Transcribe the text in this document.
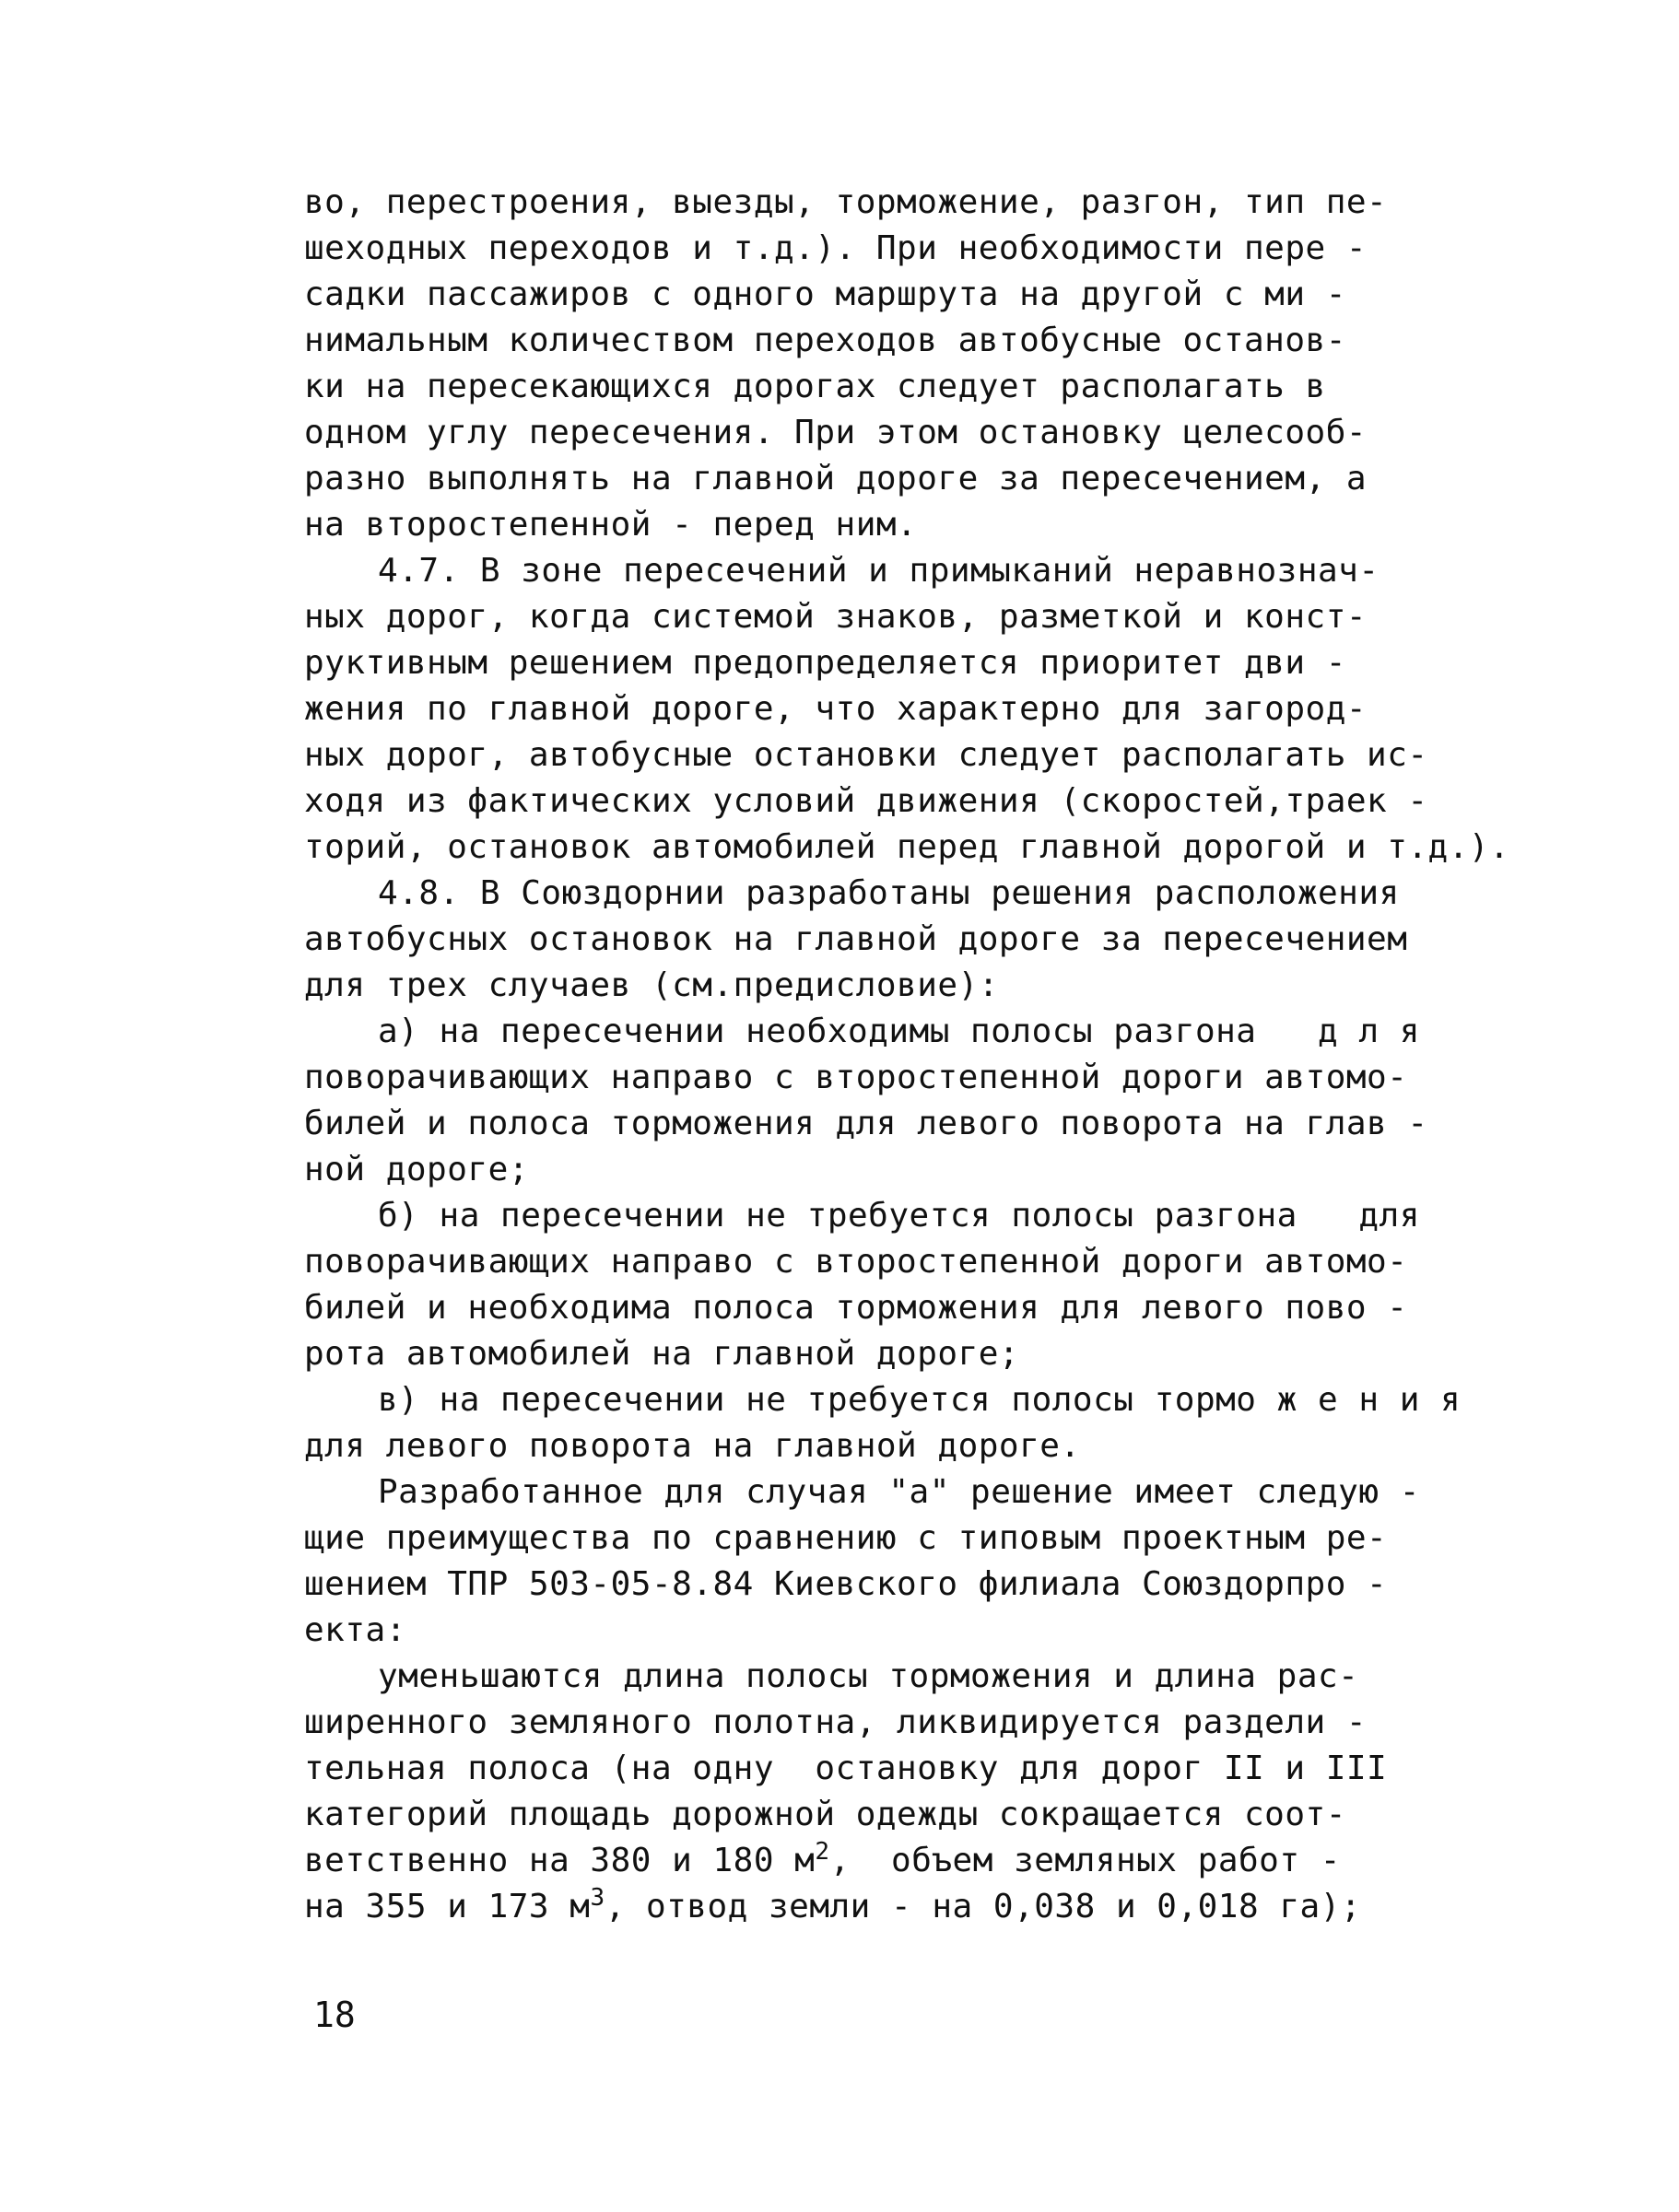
во, перестроения, выезды, торможение, разгон, тип пе-
шеходных переходов и т.д.). При необходимости пере -
садки пассажиров с одного маршрута на другой с ми -
нимальным количеством переходов автобусные останов-
ки на пересекающихся дорогах следует располагать в
одном углу пересечения. При этом остановку целесооб-
разно выполнять на главной дороге за пересечением, а
на второстепенной - перед ним.
4.7. В зоне пересечений и примыканий неравнознач-
ных дорог, когда системой знаков, разметкой и конст-
руктивным решением предопределяется приоритет дви -
жения по главной дороге, что характерно для загород-
ных дорог, автобусные остановки следует располагать ис-
ходя из фактических условий движения (скоростей,траек -
торий, остановок автомобилей перед главной дорогой и т.д.).
4.8. В Союздорнии разработаны решения расположения
автобусных остановок на главной дороге за пересечением
для трех случаев (см.предисловие):
а) на пересечении необходимы полосы разгона   д л я
поворачивающих направо с второстепенной дороги автомо-
билей и полоса торможения для левого поворота на глав -
ной дороге;
б) на пересечении не требуется полосы разгона   для
поворачивающих направо с второстепенной дороги автомо-
билей и необходима полоса торможения для левого пово -
рота автомобилей на главной дороге;
в) на пересечении не требуется полосы тормо ж е н и я
для левого поворота на главной дороге.
Разработанное для случая "а" решение имеет следую -
щие преимущества по сравнению с типовым проектным ре-
шением ТПР 503-05-8.84 Киевского филиала Союздорпро -
екта:
уменьшаются длина полосы торможения и длина рас-
ширенного земляного полотна, ликвидируется раздели -
тельная полоса (на одну  остановку для дорог II и III
категорий площадь дорожной одежды сокращается соот-
ветственно на 380 и 180 $м^2$,  объем земляных работ -
на 355 и 173 $м^3$, отвод земли - на 0,038 и 0,018 га);
18
